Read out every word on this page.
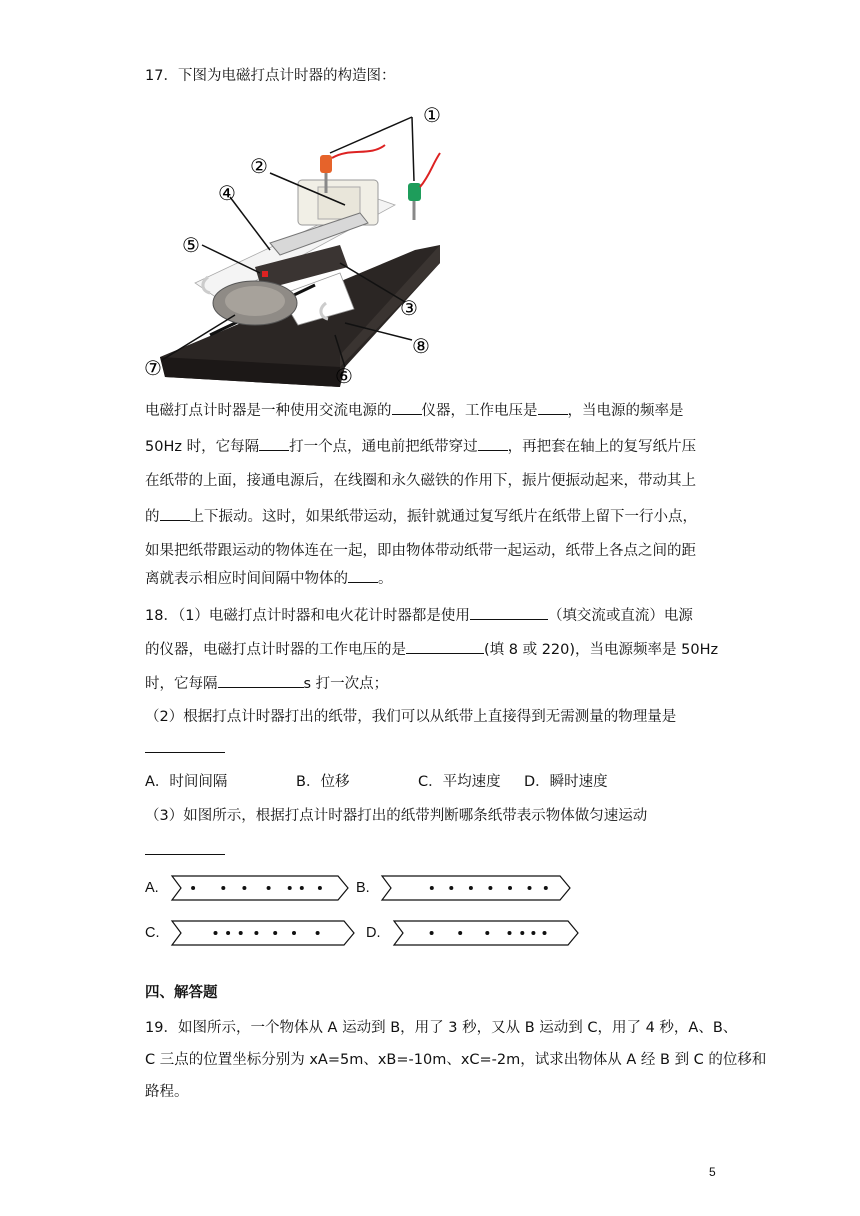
17．下图为电磁打点计时器的构造图：
①
②
③
④
⑤
⑥
⑦
⑧
电磁打点计时器是一种使用交流电源的 仪器，工作电压是 ，当电源的频率是
50Hz 时，它每隔 打一个点，通电前把纸带穿过 ，再把套在轴上的复写纸片压
在纸带的上面，接通电源后，在线圈和永久磁铁的作用下，振片便振动起来，带动其上
的 上下振动。这时，如果纸带运动，振针就通过复写纸片在纸带上留下一行小点，
如果把纸带跟运动的物体连在一起，即由物体带动纸带一起运动，纸带上各点之间的距
离就表示相应时间间隔中物体的 。
18．（1）电磁打点计时器和电火花计时器都是使用	（填交流或直流）电源
的仪器，电磁打点计时器的工作电压的是	(填 8 或 220)，当电源频率是 50Hz
时，它每隔	s 打一次点；
（2）根据打点计时器打出的纸带，我们可以从纸带上直接得到无需测量的物理量是
A．时间间隔	B．位移	C．平均速度 D．瞬时速度
（3）如图所示，根据打点计时器打出的纸带判断哪条纸带表示物体做匀速运动
A.	B.
C.	D.
四、解答题
19．如图所示，一个物体从 A 运动到 B，用了 3 秒，又从 B 运动到 C，用了 4 秒，A、B、
C 三点的位置坐标分别为 xA=5m、xB=-10m、xC=-2m，试求出物体从 A 经 B 到 C 的位移和
路程。
5
